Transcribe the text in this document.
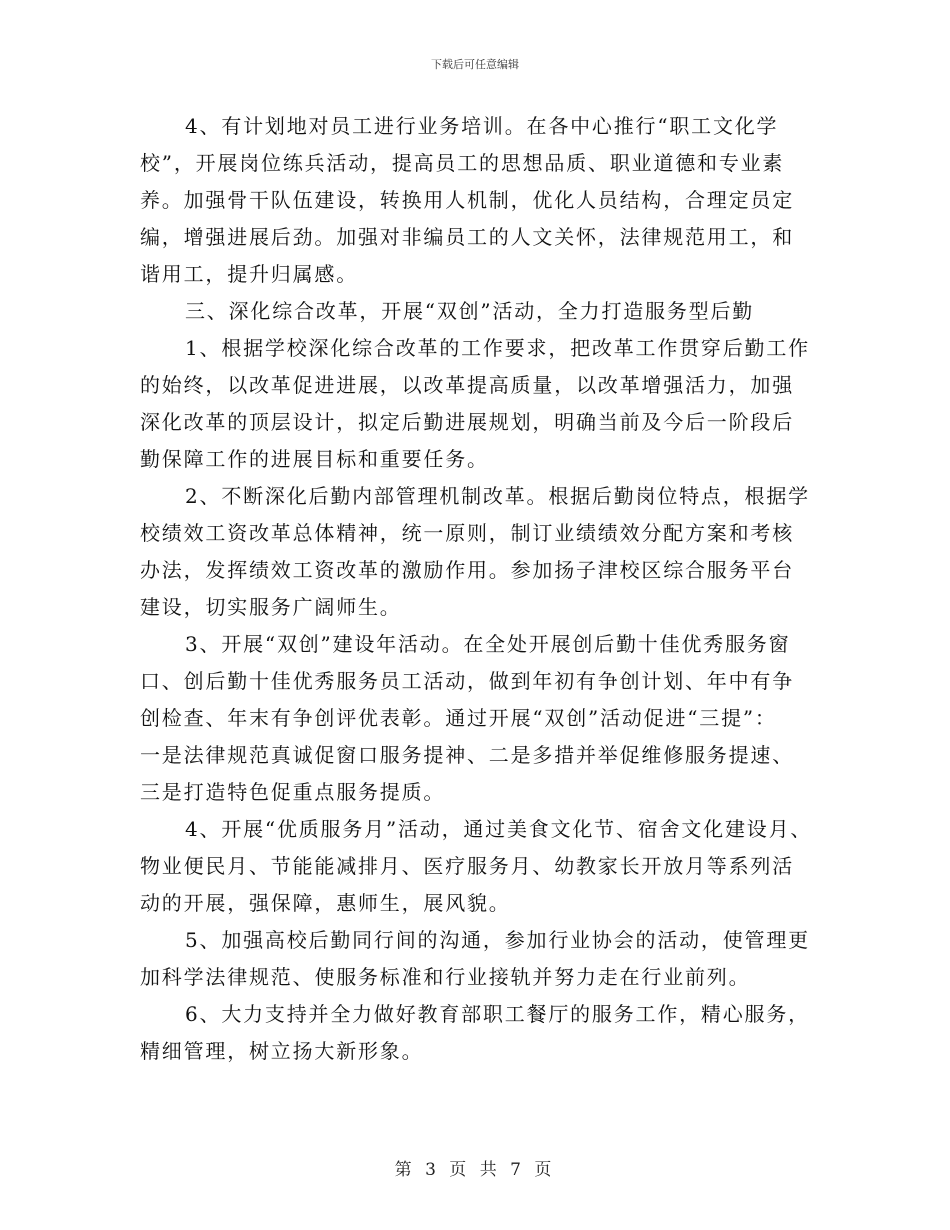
下载后可任意编辑
4、有计划地对员工进行业务培训。在各中心推行“职工文化学
校”，开展岗位练兵活动，提高员工的思想品质、职业道德和专业素
养。加强骨干队伍建设，转换用人机制，优化人员结构，合理定员定
编，增强进展后劲。加强对非编员工的人文关怀，法律规范用工，和
谐用工，提升归属感。
三、深化综合改革，开展“双创”活动，全力打造服务型后勤
1、根据学校深化综合改革的工作要求，把改革工作贯穿后勤工作
的始终，以改革促进进展，以改革提高质量，以改革增强活力，加强
深化改革的顶层设计，拟定后勤进展规划，明确当前及今后一阶段后
勤保障工作的进展目标和重要任务。
2、不断深化后勤内部管理机制改革。根据后勤岗位特点，根据学
校绩效工资改革总体精神，统一原则，制订业绩绩效分配方案和考核
办法，发挥绩效工资改革的激励作用。参加扬子津校区综合服务平台
建设，切实服务广阔师生。
3、开展“双创”建设年活动。在全处开展创后勤十佳优秀服务窗
口、创后勤十佳优秀服务员工活动，做到年初有争创计划、年中有争
创检查、年末有争创评优表彰。通过开展“双创”活动促进“三提”：
一是法律规范真诚促窗口服务提神、二是多措并举促维修服务提速、
三是打造特色促重点服务提质。
4、开展“优质服务月”活动，通过美食文化节、宿舍文化建设月、
物业便民月、节能能减排月、医疗服务月、幼教家长开放月等系列活
动的开展，强保障，惠师生，展风貌。
5、加强高校后勤同行间的沟通，参加行业协会的活动，使管理更
加科学法律规范、使服务标准和行业接轨并努力走在行业前列。
6、大力支持并全力做好教育部职工餐厅的服务工作，精心服务，
精细管理，树立扬大新形象。
第 3 页 共 7 页
